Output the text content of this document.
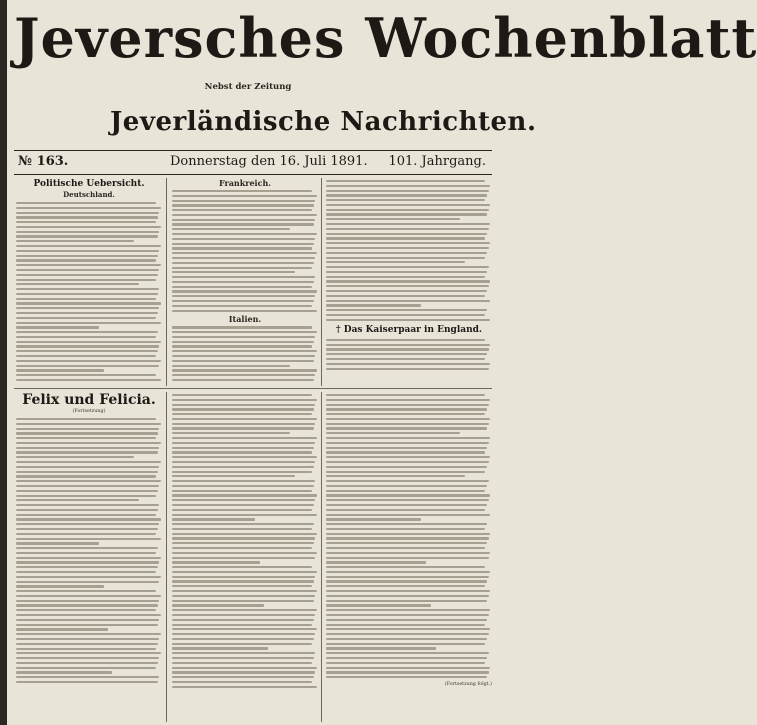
Jeversches Wochenblatt
Nebst der Zeitung
Jeverländische Nachrichten.
№ 163.	Donnerstag den 16. Juli 1891. 101. Jahrgang.
Politische Uebersicht.
Deutschland.
Frankreich.
Italien.
† Das Kaiserpaar in England.
Felix und Felicia.
(Fortsetzung)
(Fortsetzung folgt.)
